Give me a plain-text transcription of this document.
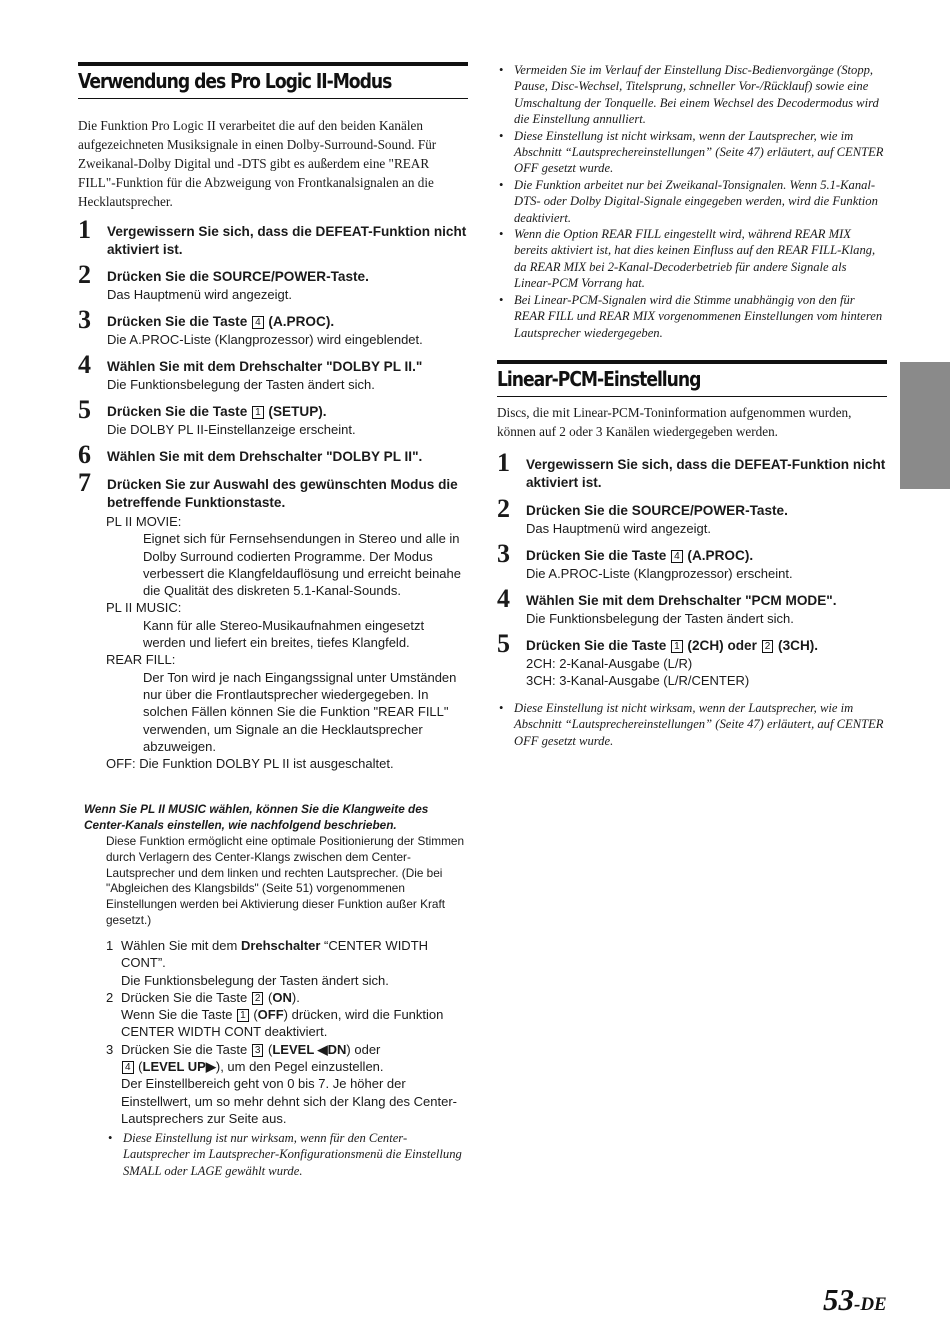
Verwendung des Pro Logic II-Modus

Die Funktion Pro Logic II verarbeitet die auf den beiden Kanälen aufgezeichneten Musiksignale in einen Dolby-Surround-Sound. Für Zweikanal-Dolby Digital und -DTS gibt es außerdem eine "REAR FILL"-Funktion für die Abzweigung von Frontkanalsignalen an die Hecklautsprecher.

1 Vergewissern Sie sich, dass die DEFEAT-Funktion nicht aktiviert ist.
2 Drücken Sie die SOURCE/POWER-Taste.
Das Hauptmenü wird angezeigt.
3 Drücken Sie die Taste 4 (A.PROC).
Die A.PROC-Liste (Klangprozessor) wird eingeblendet.
4 Wählen Sie mit dem Drehschalter "DOLBY PL II."
Die Funktionsbelegung der Tasten ändert sich.
5 Drücken Sie die Taste 1 (SETUP).
Die DOLBY PL II-Einstellanzeige erscheint.
6 Wählen Sie mit dem Drehschalter "DOLBY PL II".
7 Drücken Sie zur Auswahl des gewünschten Modus die betreffende Funktionstaste.
PL II MOVIE:
Eignet sich für Fernsehsendungen in Stereo und alle in Dolby Surround codierten Programme. Der Modus verbessert die Klangfeldauflösung und erreicht beinahe die Qualität des diskreten 5.1-Kanal-Sounds.
PL II MUSIC:
Kann für alle Stereo-Musikaufnahmen eingesetzt werden und liefert ein breites, tiefes Klangfeld.
REAR FILL:
Der Ton wird je nach Eingangssignal unter Umständen nur über die Frontlautsprecher wiedergegeben. In solchen Fällen können Sie die Funktion "REAR FILL" verwenden, um Signale an die Hecklautsprecher abzuweigen.
OFF: Die Funktion DOLBY PL II ist ausgeschaltet.
Wenn Sie PL II MUSIC wählen, können Sie die Klangweite des Center-Kanals einstellen, wie nachfolgend beschrieben.
Diese Funktion ermöglicht eine optimale Positionierung der Stimmen durch Verlagern des Center-Klangs zwischen dem Center-Lautsprecher und dem linken und rechten Lautsprecher. (Die bei "Abgleichen des Klangsbilds" (Seite 51) vorgenommenen Einstellungen werden bei Aktivierung dieser Funktion außer Kraft gesetzt.)
1 Wählen Sie mit dem Drehschalter “CENTER WIDTH CONT”.
Die Funktionsbelegung der Tasten ändert sich.
2 Drücken Sie die Taste 2 (ON).
Wenn Sie die Taste 1 (OFF) drücken, wird die Funktion CENTER WIDTH CONT deaktiviert.
3 Drücken Sie die Taste 3 (LEVEL ◀DN) oder
4 (LEVEL UP▶), um den Pegel einzustellen.
Der Einstellbereich geht von 0 bis 7. Je höher der Einstellwert, um so mehr dehnt sich der Klang des Center-Lautsprechers zur Seite aus.
• Diese Einstellung ist nur wirksam, wenn für den Center-Lautsprecher im Lautsprecher-Konfigurationsmenü die Einstellung SMALL oder LAGE gewählt wurde.
• Vermeiden Sie im Verlauf der Einstellung Disc-Bedienvorgänge (Stopp, Pause, Disc-Wechsel, Titelsprung, schneller Vor-/Rücklauf) sowie eine Umschaltung der Tonquelle. Bei einem Wechsel des Decodermodus wird die Einstellung annulliert.
• Diese Einstellung ist nicht wirksam, wenn der Lautsprecher, wie im Abschnitt “Lautsprechereinstellungen” (Seite 47) erläutert, auf CENTER OFF gesetzt wurde.
• Die Funktion arbeitet nur bei Zweikanal-Tonsignalen. Wenn 5.1-Kanal-DTS- oder Dolby Digital-Signale eingegeben werden, wird die Funktion deaktiviert.
• Wenn die Option REAR FILL eingestellt wird, während REAR MIX bereits aktiviert ist, hat dies keinen Einfluss auf den REAR FILL-Klang, da REAR MIX bei 2-Kanal-Decoderbetrieb für andere Signale als Linear-PCM Vorrang hat.
• Bei Linear-PCM-Signalen wird die Stimme unabhängig von den für REAR FILL und REAR MIX vorgenommenen Einstellungen vom hinteren Lautsprecher wiedergegeben.
Linear-PCM-Einstellung

Discs, die mit Linear-PCM-Toninformation aufgenommen wurden, können auf 2 oder 3 Kanälen wiedergegeben werden.

1 Vergewissern Sie sich, dass die DEFEAT-Funktion nicht aktiviert ist.
2 Drücken Sie die SOURCE/POWER-Taste.
Das Hauptmenü wird angezeigt.
3 Drücken Sie die Taste 4 (A.PROC).
Die A.PROC-Liste (Klangprozessor) erscheint.
4 Wählen Sie mit dem Drehschalter "PCM MODE".
Die Funktionsbelegung der Tasten ändert sich.
5 Drücken Sie die Taste 1 (2CH) oder 2 (3CH).
2CH: 2-Kanal-Ausgabe (L/R)
3CH: 3-Kanal-Ausgabe (L/R/CENTER)
• Diese Einstellung ist nicht wirksam, wenn der Lautsprecher, wie im Abschnitt “Lautsprechereinstellungen” (Seite 47) erläutert, auf CENTER OFF gesetzt wurde.
53-DE
